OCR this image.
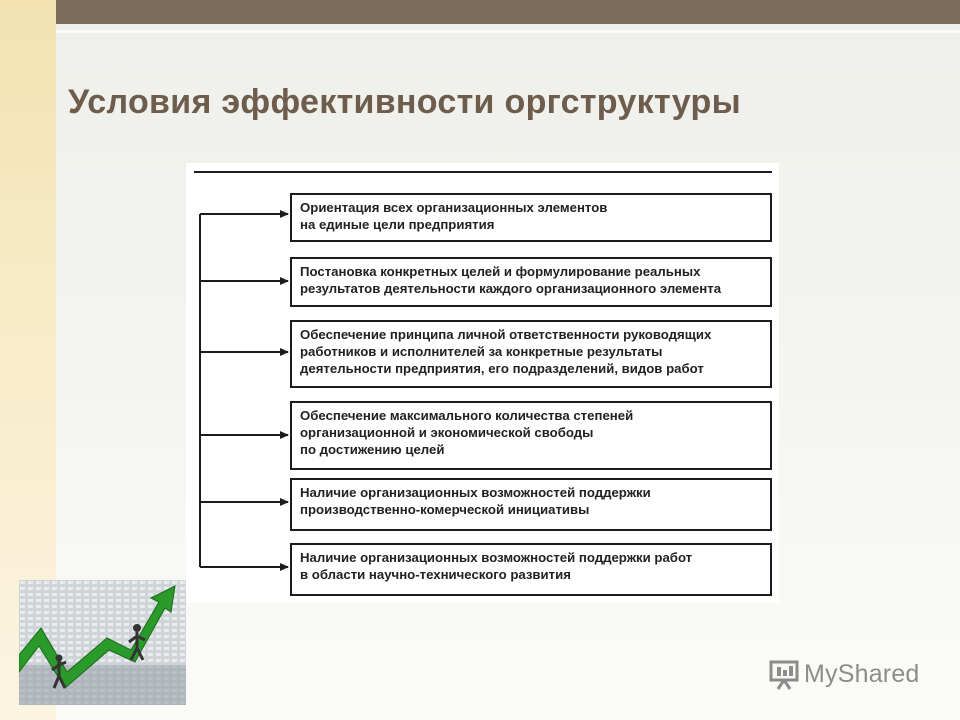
Условия эффективности оргструктуры
Ориентация всех организационных элементов
на единые цели предприятия
Постановка конкретных целей и формулирование реальных
результатов деятельности каждого организационного элемента
Обеспечение принципа личной ответственности руководящих
работников и исполнителей за конкретные результаты
деятельности предприятия, его подразделений, видов работ
Обеспечение максимального количества степеней
организационной и экономической свободы
по достижению целей
Наличие организационных возможностей поддержки
производственно-комерческой инициативы
Наличие организационных возможностей поддержки работ
в области научно-технического развития
MyShared
